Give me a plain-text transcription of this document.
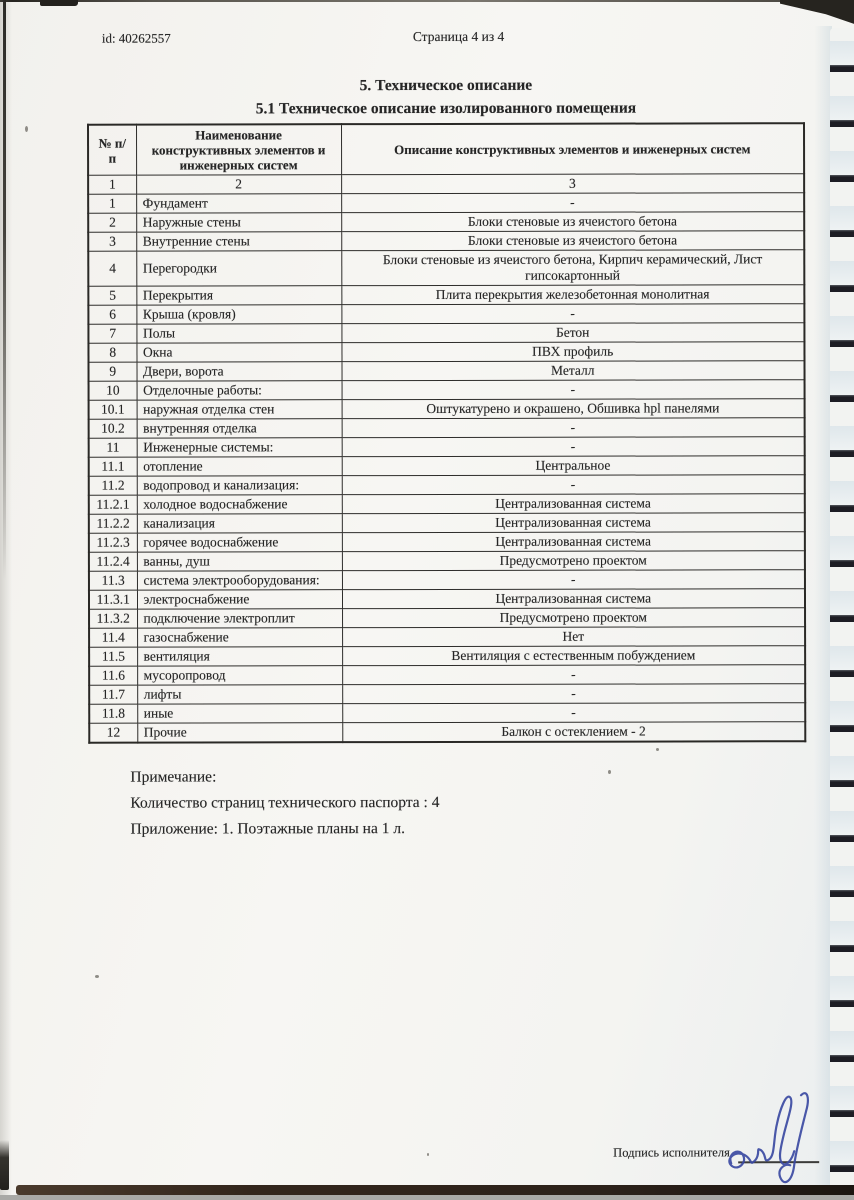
id: 40262557	Страница 4 из 4
5. Техническое описание
5.1 Техническое описание изолированного помещения
№ п/п	Наименование конструктивных элементов и инженерных систем	Описание конструктивных элементов и инженерных систем
1	2	3
1	Фундамент	-
2	Наружные стены	Блоки стеновые из ячеистого бетона
3	Внутренние стены	Блоки стеновые из ячеистого бетона
4	Перегородки	Блоки стеновые из ячеистого бетона, Кирпич керамический, Лист гипсокартонный
5	Перекрытия	Плита перекрытия железобетонная монолитная
6	Крыша (кровля)	-
7	Полы	Бетон
8	Окна	ПВХ профиль
9	Двери, ворота	Металл
10	Отделочные работы:	-
10.1	наружная отделка стен	Оштукатурено и окрашено, Обшивка hpl панелями
10.2	внутренняя отделка	-
11	Инженерные системы:	-
11.1	отопление	Центральное
11.2	водопровод и канализация:	-
11.2.1	холодное водоснабжение	Централизованная система
11.2.2	канализация	Централизованная система
11.2.3	горячее водоснабжение	Централизованная система
11.2.4	ванны, душ	Предусмотрено проектом
11.3	система электрооборудования:	-
11.3.1	электроснабжение	Централизованная система
11.3.2	подключение электроплит	Предусмотрено проектом
11.4	газоснабжение	Нет
11.5	вентиляция	Вентиляция с естественным побуждением
11.6	мусоропровод	-
11.7	лифты	-
11.8	иные	-
12	Прочие	Балкон с остеклением - 2
Примечание:
Количество страниц технического паспорта : 4
Приложение: 1. Поэтажные планы на 1 л.
Подпись исполнителя
